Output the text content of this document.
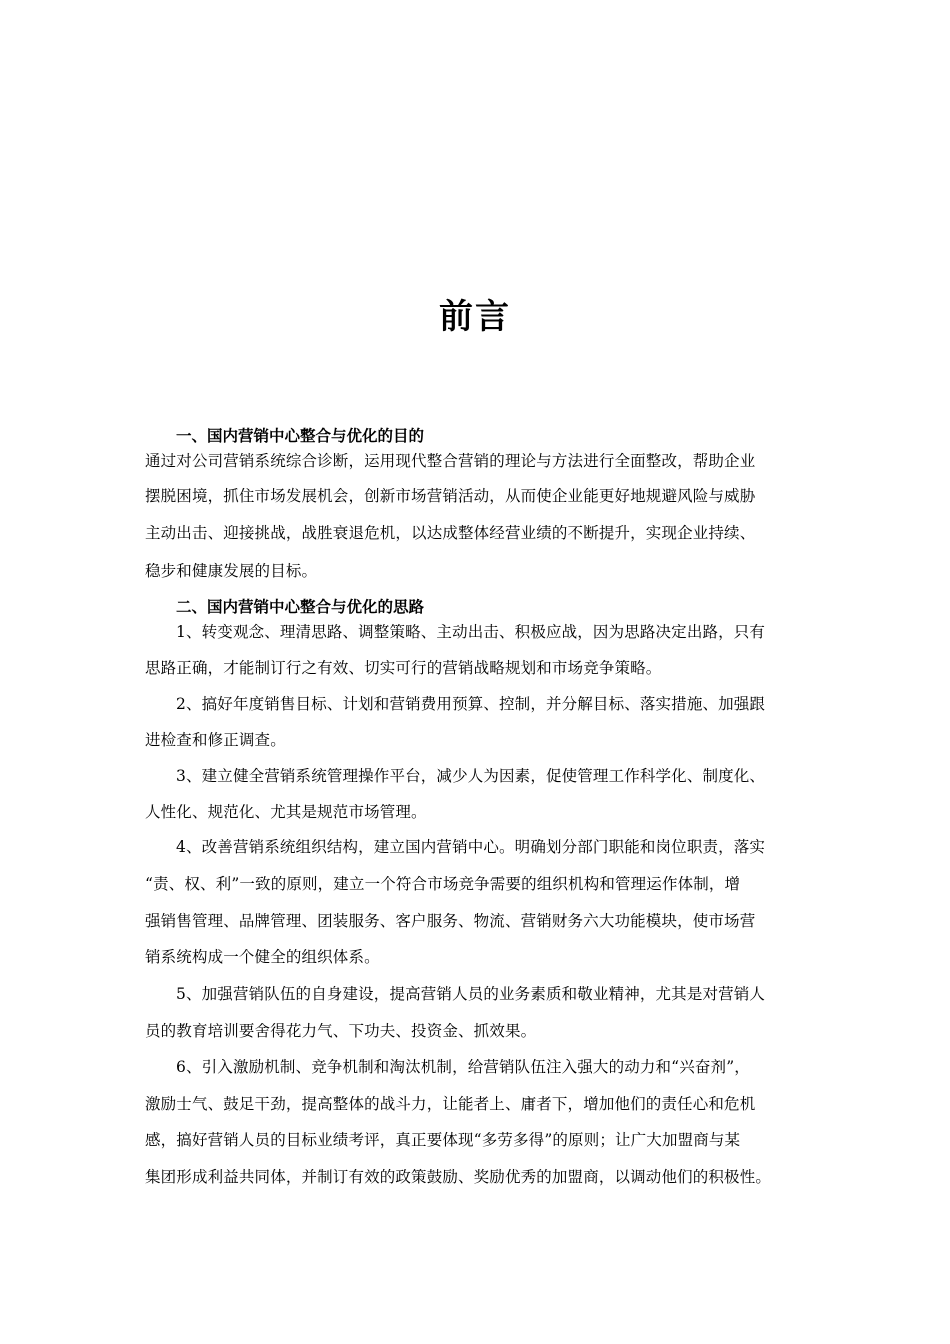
前言
一、国内营销中心整合与优化的目的
通过对公司营销系统综合诊断，运用现代整合营销的理论与方法进行全面整改，帮助企业
摆脱困境，抓住市场发展机会，创新市场营销活动，从而使企业能更好地规避风险与威胁
主动出击、迎接挑战，战胜衰退危机，以达成整体经营业绩的不断提升，实现企业持续、
稳步和健康发展的目标。
二、国内营销中心整合与优化的思路
1、转变观念、理清思路、调整策略、主动出击、积极应战，因为思路决定出路，只有
思路正确，才能制订行之有效、切实可行的营销战略规划和市场竞争策略。
2、搞好年度销售目标、计划和营销费用预算、控制，并分解目标、落实措施、加强跟
进检查和修正调查。
3、建立健全营销系统管理操作平台，减少人为因素，促使管理工作科学化、制度化、
人性化、规范化、尤其是规范市场管理。
4、改善营销系统组织结构，建立国内营销中心。明确划分部门职能和岗位职责，落实
“责、权、利”一致的原则，建立一个符合市场竞争需要的组织机构和管理运作体制，增
强销售管理、品牌管理、团装服务、客户服务、物流、营销财务六大功能模块，使市场营
销系统构成一个健全的组织体系。
5、加强营销队伍的自身建设，提高营销人员的业务素质和敬业精神，尤其是对营销人
员的教育培训要舍得花力气、下功夫、投资金、抓效果。
6、引入激励机制、竞争机制和淘汰机制，给营销队伍注入强大的动力和“兴奋剂”，
激励士气、鼓足干劲，提高整体的战斗力，让能者上、庸者下，增加他们的责任心和危机
感，搞好营销人员的目标业绩考评，真正要体现“多劳多得”的原则；让广大加盟商与某
集团形成利益共同体，并制订有效的政策鼓励、奖励优秀的加盟商，以调动他们的积极性。
